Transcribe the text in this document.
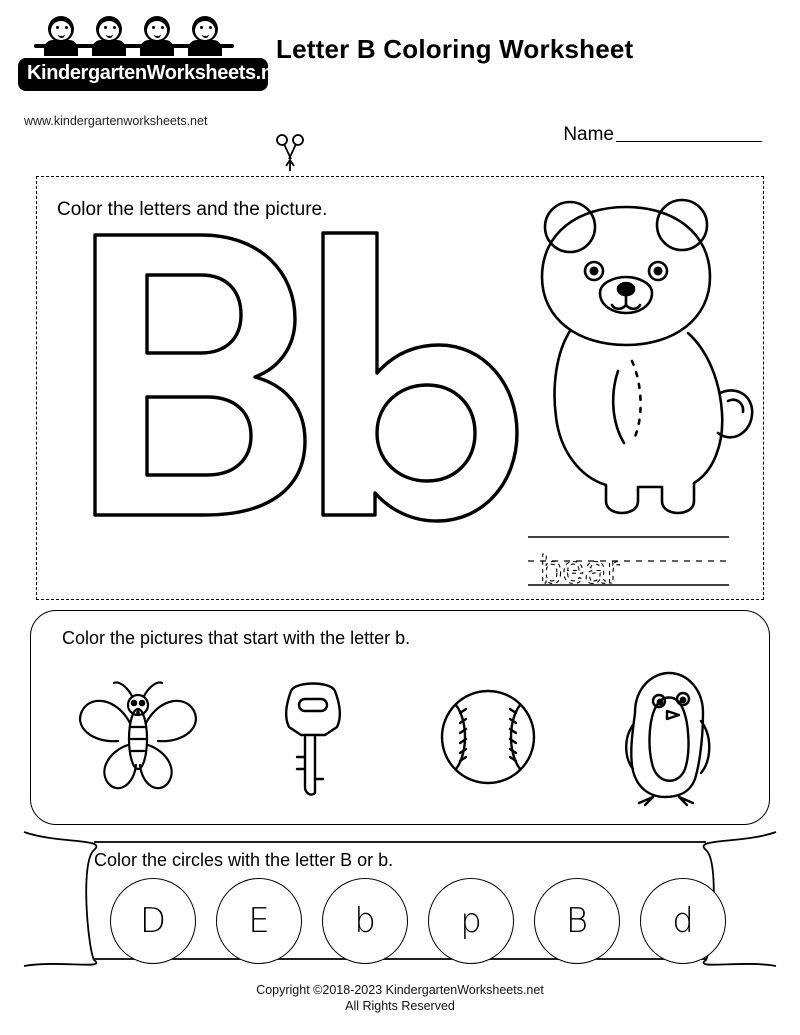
KindergartenWorksheets.net
www.kindergartenworksheets.net
Letter B Coloring Worksheet
Name
Color the letters and the picture.
bear
Color the pictures that start with the letter b.
Color the circles with the letter B or b.
D	E	b	p	B	d
Copyright ©2018-2023 KindergartenWorksheets.net
All Rights Reserved
